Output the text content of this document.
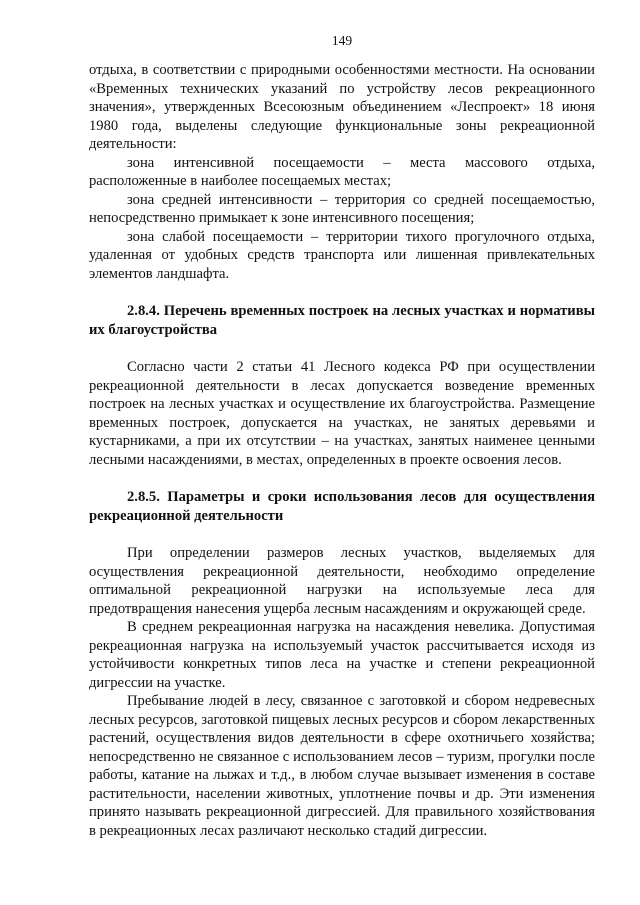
149

отдыха, в соответствии с природными особенностями местности. На основании «Временных технических указаний по устройству лесов рекреационного значения», утвержденных Всесоюзным объединением «Леспроект» 18 июня 1980 года, выделены следующие функциональные зоны рекреационной деятельности:

зона интенсивной посещаемости – места массового отдыха, расположенные в наиболее посещаемых местах;

зона средней интенсивности – территория со средней посещаемостью, непосредственно примыкает к зоне интенсивного посещения;

зона слабой посещаемости – территории тихого прогулочного отдыха, удаленная от удобных средств транспорта или лишенная привлекательных элементов ландшафта.

2.8.4. Перечень временных построек на лесных участках и нормативы их благоустройства

Согласно части 2 статьи 41 Лесного кодекса РФ при осуществлении рекреационной деятельности в лесах допускается возведение временных построек на лесных участках и осуществление их благоустройства. Размещение временных построек, допускается на участках, не занятых деревьями и кустарниками, а при их отсутствии – на участках, занятых наименее ценными лесными насаждениями, в местах, определенных в проекте освоения лесов.

2.8.5. Параметры и сроки использования лесов для осуществления рекреационной деятельности

При определении размеров лесных участков, выделяемых для осуществления рекреационной деятельности, необходимо определение оптимальной рекреационной нагрузки на используемые леса для предотвращения нанесения ущерба лесным насаждениям и окружающей среде.

В среднем рекреационная нагрузка на насаждения невелика. Допустимая рекреационная нагрузка на используемый участок рассчитывается исходя из устойчивости конкретных типов леса на участке и степени рекреационной дигрессии на участке.

Пребывание людей в лесу, связанное с заготовкой и сбором недревесных лесных ресурсов, заготовкой пищевых лесных ресурсов и сбором лекарственных растений, осуществления видов деятельности в сфере охотничьего хозяйства; непосредственно не связанное с использованием лесов – туризм, прогулки после работы, катание на лыжах и т.д., в любом случае вызывает изменения в составе растительности, населении животных, уплотнение почвы и др. Эти изменения принято называть рекреационной дигрессией. Для правильного хозяйствования в рекреационных лесах различают несколько стадий дигрессии.
